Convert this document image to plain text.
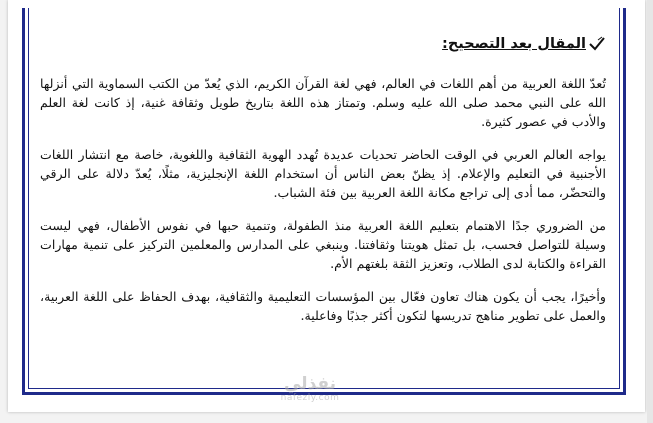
المقال بعد التصحيح:

تُعدّ اللغة العربية من أهم اللغات في العالم، فهي لغة القرآن الكريم، الذي يُعدّ من الكتب السماوية التي أنزلها الله على النبي محمد صلى الله عليه وسلم. وتمتاز هذه اللغة بتاريخ طويل وثقافة غنية، إذ كانت لغة العلم والأدب في عصور كثيرة.

يواجه العالم العربي في الوقت الحاضر تحديات عديدة تُهدد الهوية الثقافية واللغوية، خاصة مع انتشار اللغات الأجنبية في التعليم والإعلام. إذ يظنّ بعض الناس أن استخدام اللغة الإنجليزية، مثلًا، يُعدّ دلالة على الرقي والتحضّر، مما أدى إلى تراجع مكانة اللغة العربية بين فئة الشباب.

من الضروري جدًا الاهتمام بتعليم اللغة العربية منذ الطفولة، وتنمية حبها في نفوس الأطفال، فهي ليست وسيلة للتواصل فحسب، بل تمثل هويتنا وثقافتنا. وينبغي على المدارس والمعلمين التركيز على تنمية مهارات القراءة والكتابة لدى الطلاب، وتعزيز الثقة بلغتهم الأم.

وأخيرًا، يجب أن يكون هناك تعاون فعّال بين المؤسسات التعليمية والثقافية، بهدف الحفاظ على اللغة العربية، والعمل على تطوير مناهج تدريسها لتكون أكثر جذبًا وفاعلية.

نفذلي
nafezly.com
